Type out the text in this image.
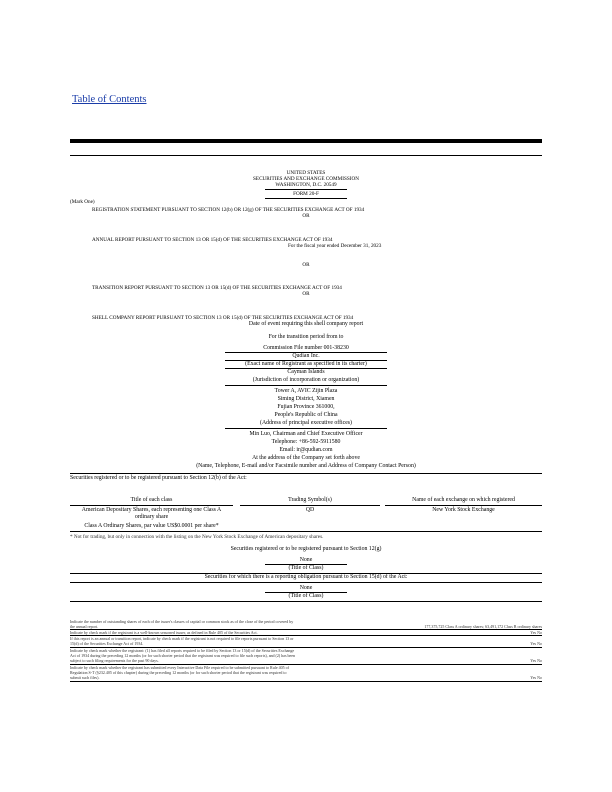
Table of Contents
UNITED STATES
SECURITIES AND EXCHANGE COMMISSION
WASHINGTON, D.C. 20549
FORM 20-F
(Mark One)
REGISTRATION STATEMENT PURSUANT TO SECTION 12(b) OR 12(g) OF THE SECURITIES EXCHANGE ACT OF 1934
OR
ANNUAL REPORT PURSUANT TO SECTION 13 OR 15(d) OF THE SECURITIES EXCHANGE ACT OF 1934
For the fiscal year ended December 31, 2023
OR
TRANSITION REPORT PURSUANT TO SECTION 13 OR 15(d) OF THE SECURITIES EXCHANGE ACT OF 1934
OR
SHELL COMPANY REPORT PURSUANT TO SECTION 13 OR 15(d) OF THE SECURITIES EXCHANGE ACT OF 1934
Date of event requiring this shell company report
For the transition period from to
Commission File number 001-38230
Qudian Inc.
(Exact name of Registrant as specified in its charter)
Cayman Islands
(Jurisdiction of incorporation or organization)
Tower A, AVIC Zijin Plaza
Siming District, Xiamen
Fujian Province 361000,
People's Republic of China
(Address of principal executive offices)
Min Luo, Chairman and Chief Executive Officer
Telephone: +86-592-5911580
Email: ir@qudian.com
At the address of the Company set forth above
(Name, Telephone, E-mail and/or Facsimile number and Address of Company Contact Person)
Securities registered or to be registered pursuant to Section 12(b) of the Act:
Title of each class	Trading Symbol(s)	Name of each exchange on which registered
American Depositary Shares, each representing one Class A
ordinary share
QD	New York Stock Exchange
Class A Ordinary Shares, par value US$0.0001 per share*
* Not for trading, but only in connection with the listing on the New York Stock Exchange of American depositary shares.
Securities registered or to be registered pursuant to Section 12(g)
None
(Title of Class)
Securities for which there is a reporting obligation pursuant to Section 15(d) of the Act:
None
(Title of Class)
Indicate the number of outstanding shares of each of the issuer's classes of capital or common stock as of the close of the period covered by
the annual report.	177,375,725 Class A ordinary shares; 63,491,172 Class B ordinary shares
Indicate by check mark if the registrant is a well-known seasoned issuer, as defined in Rule 405 of the Securities Act.	Yes No
If this report is an annual or transition report, indicate by check mark if the registrant is not required to file reports pursuant to Section 13 or
15(d) of the Securities Exchange Act of 1934.	Yes No
Indicate by check mark whether the registrant: (1) has filed all reports required to be filed by Section 13 or 15(d) of the Securities Exchange
Act of 1934 during the preceding 12 months (or for such shorter period that the registrant was required to file such reports), and (2) has been
subject to such filing requirements for the past 90 days.	Yes No
Indicate by check mark whether the registrant has submitted every Interactive Data File required to be submitted pursuant to Rule 405 of
Regulation S-T (§232.405 of this chapter) during the preceding 12 months (or for such shorter period that the registrant was required to
submit such files).	Yes No
